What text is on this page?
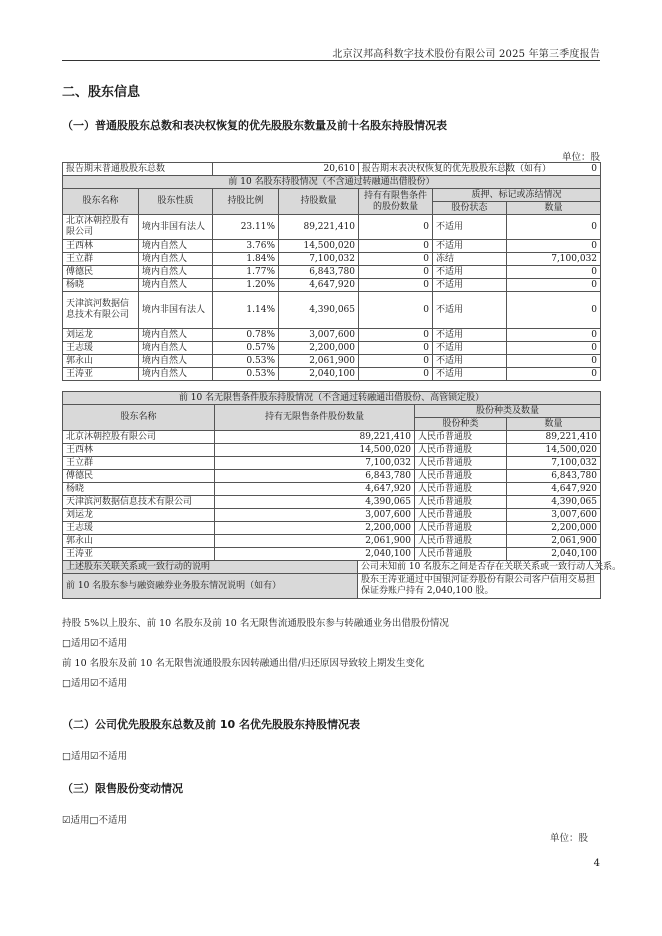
北京汉邦高科数字技术股份有限公司 2025 年第三季度报告
二、股东信息
（一）普通股股东总数和表决权恢复的优先股股东数量及前十名股东持股情况表
单位：股
报告期末普通股股东总数		20,610		报告期末表决权恢复的优先股股东总数（如有）		0
前 10 名股东持股情况（不含通过转融通出借股份）						
股东名称	股东性质	持股比例	持股数量	持有有限售条件的股份数量	质押、标记或冻结情况	
					股份状态	数量
北京沐朝控股有限公司	境内非国有法人	23.11%	89,221,410	0	不适用	0
王西林	境内自然人	3.76%	14,500,020	0	不适用	0
王立群	境内自然人	1.84%	7,100,032	0	冻结	7,100,032
傅德民	境内自然人	1.77%	6,843,780	0	不适用	0
杨晓	境内自然人	1.20%	4,647,920	0	不适用	0
天津滨河数据信息技术有限公司	境内非国有法人	1.14%	4,390,065	0	不适用	0
刘运龙	境内自然人	0.78%	3,007,600	0	不适用	0
王志瑗	境内自然人	0.57%	2,200,000	0	不适用	0
郭永山	境内自然人	0.53%	2,061,900	0	不适用	0
王涛亚	境内自然人	0.53%	2,040,100	0	不适用	0
前 10 名无限售条件股东持股情况（不含通过转融通出借股份、高管锁定股）				
股东名称	持有无限售条件股份数量		股份种类及数量	
			股份种类	数量
北京沐朝控股有限公司	89,221,410		人民币普通股	89,221,410
王西林	14,500,020		人民币普通股	14,500,020
王立群	7,100,032		人民币普通股	7,100,032
傅德民	6,843,780		人民币普通股	6,843,780
杨晓	4,647,920		人民币普通股	4,647,920
天津滨河数据信息技术有限公司	4,390,065		人民币普通股	4,390,065
刘运龙	3,007,600		人民币普通股	3,007,600
王志瑗	2,200,000		人民币普通股	2,200,000
郭永山	2,061,900		人民币普通股	2,061,900
王涛亚	2,040,100		人民币普通股	2,040,100
上述股东关联关系或一致行动的说明		公司未知前 10 名股东之间是否存在关联关系或一致行动人关系。		
前 10 名股东参与融资融券业务股东情况说明（如有）		股东王涛亚通过中国银河证券股份有限公司客户信用交易担保证券账户持有 2,040,100 股。		
持股 5%以上股东、前 10 名股东及前 10 名无限售流通股股东参与转融通业务出借股份情况
□适用☑不适用
前 10 名股东及前 10 名无限售流通股股东因转融通出借/归还原因导致较上期发生变化
□适用☑不适用
（二）公司优先股股东总数及前 10 名优先股股东持股情况表
□适用☑不适用
（三）限售股份变动情况
☑适用□不适用
单位：股
4
